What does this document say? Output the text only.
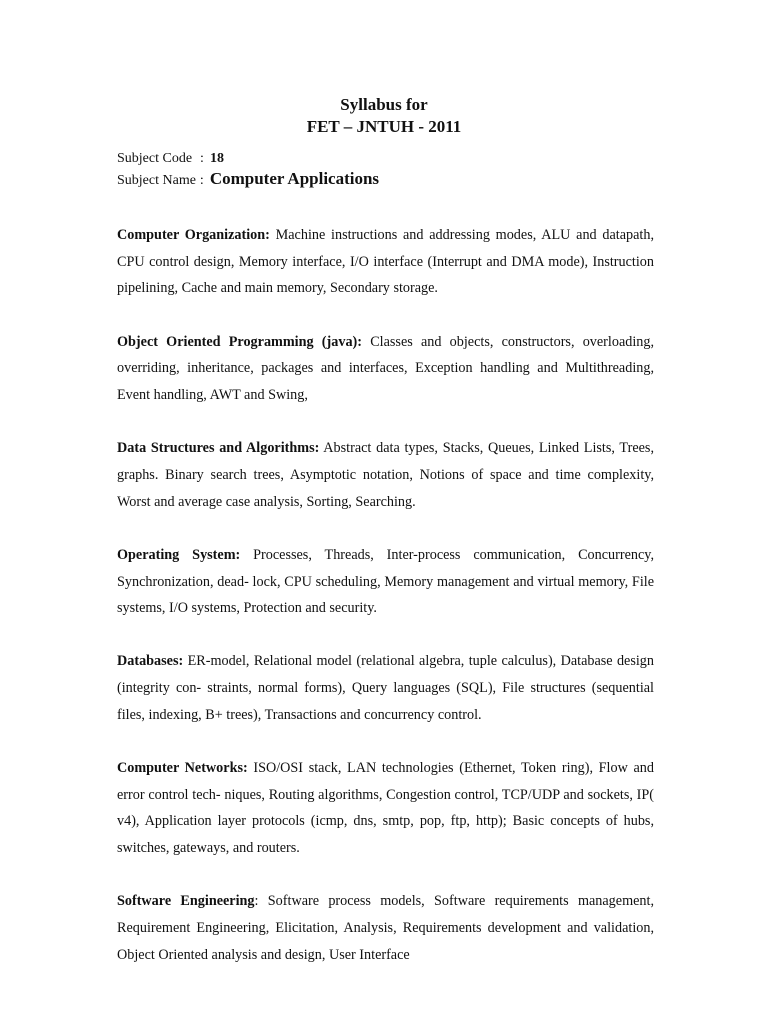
Syllabus for
FET – JNTUH - 2011
Subject Code : 18
Subject Name : Computer Applications

Computer Organization: Machine instructions and addressing modes, ALU and datapath, CPU control design, Memory interface, I/O interface (Interrupt and DMA mode), Instruction pipelining, Cache and main memory, Secondary storage.

Object Oriented Programming (java): Classes and objects, constructors, overloading, overriding, inheritance, packages and interfaces, Exception handling and Multithreading, Event handling, AWT and Swing,

Data Structures and Algorithms: Abstract data types, Stacks, Queues, Linked Lists, Trees, graphs. Binary search trees, Asymptotic notation, Notions of space and time complexity, Worst and average case analysis, Sorting, Searching.

Operating System: Processes, Threads, Inter-process communication, Concurrency, Synchronization, dead- lock, CPU scheduling, Memory management and virtual memory, File systems, I/O systems, Protection and security.

Databases: ER-model, Relational model (relational algebra, tuple calculus), Database design (integrity con- straints, normal forms), Query languages (SQL), File structures (sequential files, indexing, B+ trees), Transactions and concurrency control.

Computer Networks: ISO/OSI stack, LAN technologies (Ethernet, Token ring), Flow and error control tech- niques, Routing algorithms, Congestion control, TCP/UDP and sockets, IP( v4), Application layer protocols (icmp, dns, smtp, pop, ftp, http); Basic concepts of hubs, switches, gateways, and routers.

Software Engineering: Software process models, Software requirements management, Requirement Engineering, Elicitation, Analysis, Requirements development and validation, Object Oriented analysis and design, User Interface
